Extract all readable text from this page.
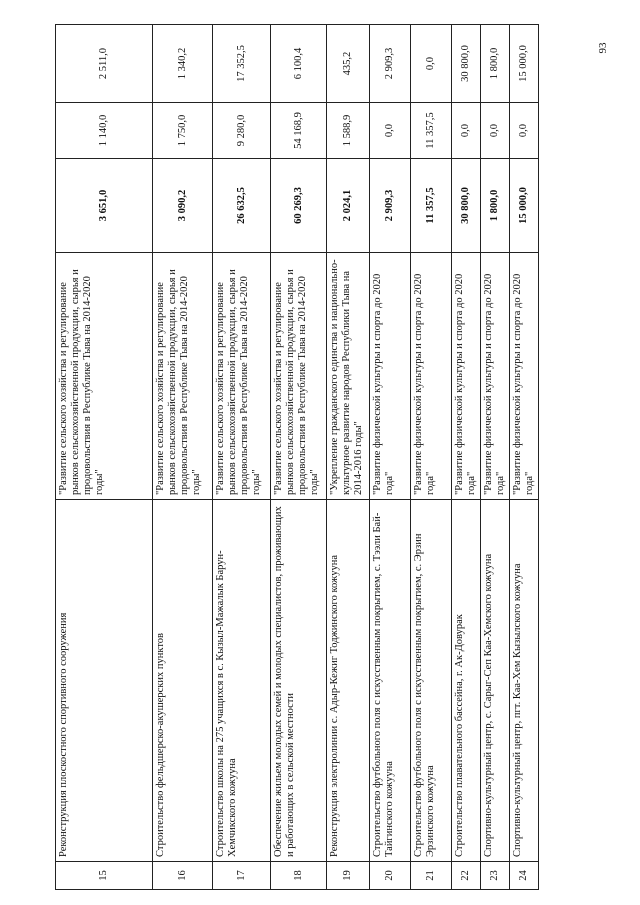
93
15	Реконструкция плоскостного спортивного сооружения	"Развитие сельского хозяйства и регулирование рынков сельскохозяйственной продукции, сырья и продовольствия в Республике Тыва на 2014-2020 годы"	3 651,0	1 140,0	2 511,0
16	Строительство фельдшерско-акушерских пунктов	"Развитие сельского хозяйства и регулирование рынков сельскохозяйственной продукции, сырья и продовольствия в Республике Тыва на 2014-2020 годы"	3 090,2	1 750,0	1 340,2
17	Строительство школы на 275 учащихся в с. Кызыл-Мажалык Барун-Хемчикского кожууна	"Развитие сельского хозяйства и регулирование рынков сельскохозяйственной продукции, сырья и продовольствия в Республике Тыва на 2014-2020 годы"	26 632,5	9 280,0	17 352,5
18	Обеспечение жильем молодых семей и молодых специалистов, проживающих и работающих в сельской местности	"Развитие сельского хозяйства и регулирование рынков сельскохозяйственной продукции, сырья и продовольствия в Республике Тыва на 2014-2020 годы"	60 269,3	54 168,9	6 100,4
19	Реконструкция электролинии с. Адыр-Кежиг Тоджинского кожууна	"Укрепление гражданского единства и национально-культурное развитие народов Республики Тыва на 2014-2016 годы"	2 024,1	1 588,9	435,2
20	Строительство футбольного поля с искусственным покрытием, с. Тээли Бай-Тайгинского кожууна	"Развитие физической культуры и спорта до 2020 года"	2 909,3	0,0	2 909,3
21	Строительство футбольного поля с искусственным покрытием, с. Эрзин Эрзинского кожууна	"Развитие физической культуры и спорта до 2020 года"	11 357,5	11 357,5	0,0
22	Строительство плавательного бассейна, г. Ак-Довурак	"Развитие физической культуры и спорта до 2020 года"	30 800,0	0,0	30 800,0
23	Спортивно-культурный центр, с. Сарыг-Сеп Каа-Хемского кожууна	"Развитие физической культуры и спорта до 2020 года"	1 800,0	0,0	1 800,0
24	Спортивно-культурный центр, пгт. Каа-Хем Кызылского кожууна	"Развитие физической культуры и спорта до 2020 года"	15 000,0	0,0	15 000,0
